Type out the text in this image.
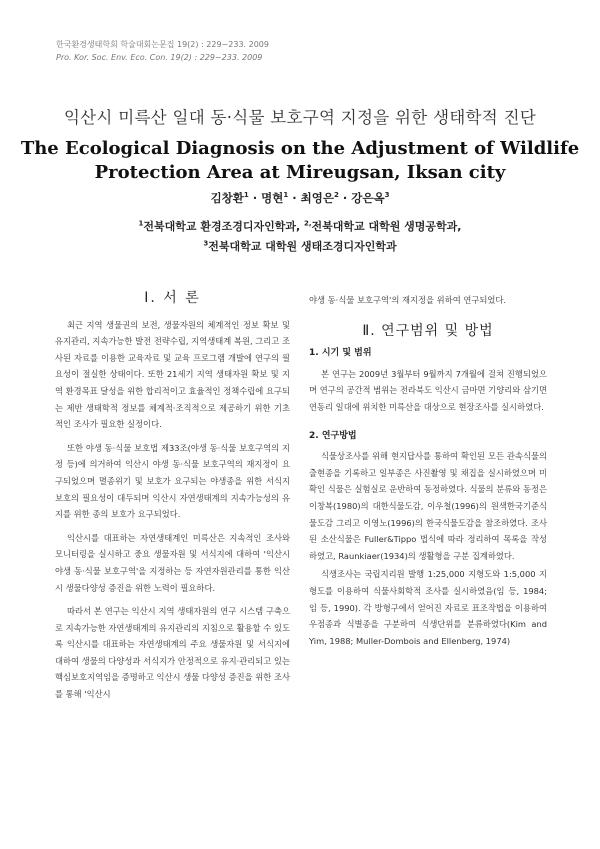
한국환경생태학회 학술대회논문집 19(2) : 229~233. 2009
Pro. Kor. Soc. Env. Eco. Con. 19(2) : 229~233. 2009
익산시 미륵산 일대 동·식물 보호구역 지정을 위한 생태학적 진단
The Ecological Diagnosis on the Adjustment of Wildlife
Protection Area at Mireugsan, Iksan city
김창환$^1$ · 명현$^1$ · 최영은$^2$ · 강은옥$^3$
$^1$전북대학교 환경조경디자인학과, $^{2,}$전북대학교 대학원 생명공학과,
$^3$전북대학교 대학원 생태조경디자인학과
Ⅰ. 서 론

최근 지역 생물권의 보전, 생물자원의 체계적인 정보 확보 및 유지관리, 지속가능한 발전 전략수립, 지역생태계 복원, 그리고 조사된 자료를 이용한 교육자료 및 교육 프로그램 개발에 연구의 필요성이 절실한 상태이다. 또한 21세기 지역 생태자원 확보 및 지역 환경목표 달성을 위한 합리적이고 효율적인 정책수립에 요구되는 제반 생태학적 정보를 체계적·조직적으로 제공하기 위한 기초적인 조사가 필요한 실정이다.

또한 야생 동·식물 보호법 제33조(야생 동·식물 보호구역의 지정 등)에 의거하여 익산시 야생 동·식물 보호구역의 재지정이 요구되었으며 멸종위기 및 보호가 요구되는 야생종을 위한 서식지 보호의 필요성이 대두되며 익산시 자연생태계의 지속가능성의 유지를 위한 종의 보호가 요구되었다.

익산시를 대표하는 자연생태계인 미륵산은 지속적인 조사와 모니터링을 실시하고 중요 생물자원 및 서식지에 대하여 '익산시 야생 동·식물 보호구역'을 지정하는 등 자연자원관리를 통한 익산시 생물다양성 증진을 위한 노력이 필요하다.

따라서 본 연구는 익산시 지역 생태자원의 연구 시스템 구축으로 지속가능한 자연생태계의 유지관리의 지침으로 활용할 수 있도록 익산시를 대표하는 자연생태계의 주요 생물자원 및 서식지에 대하여 생물의 다양성과 서식지가 안정적으로 유지·관리되고 있는 핵심보호지역임을 증명하고 익산시 생물 다양성 증진을 위한 조사를 통해 '익산시

야생 동·식물 보호구역'의 재지정을 위하여 연구되었다.

Ⅱ. 연구범위 및 방법
1. 시기 및 범위

본 연구는 2009년 3월부터 9월까지 7개월에 걸쳐 진행되었으며 연구의 공간적 범위는 전라북도 익산시 금마면 기양리와 삼기면 연동리 일대에 위치한 미륵산을 대상으로 현장조사를 실시하였다.

2. 연구방법

식물상조사를 위해 현지답사를 통하여 확인된 모든 관속식물의 출현종을 기록하고 일부종은 사진촬영 및 채집을 실시하였으며 미확인 식물은 실험실로 운반하여 동정하였다. 식물의 분류와 동정은 이창복(1980)의 대한식물도감, 이우철(1996)의 원색한국기준식물도감 그리고 이영노(1996)의 한국식물도감을 참조하였다. 조사된 소산식물은 Fuller&Tippo 법식에 따라 정리하여 목록을 작성하였고, Raunkiaer(1934)의 생활형을 구분 집계하였다.

식생조사는 국립지리원 발행 1:25,000 지형도와 1:5,000 지형도를 이용하여 식물사회학적 조사를 실시하였음(임 등, 1984; 임 등, 1990). 각 방형구에서 얻어진 자료로 표조작법을 이용하여 우점종과 식별종을 구분하여 식생단위를 분류하였다(Kim and Yim, 1988; Muller-Dombois and Ellenberg, 1974)
